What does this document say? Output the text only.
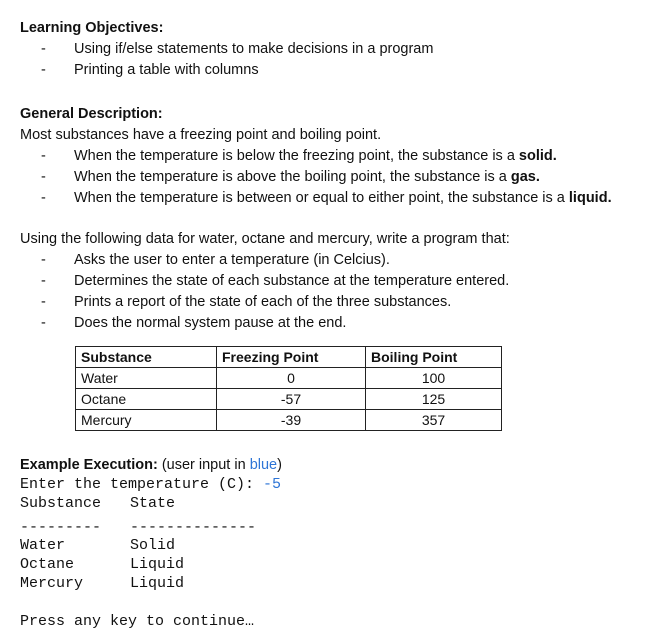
Learning Objectives:
- Using if/else statements to make decisions in a program
- Printing a table with columns
General Description:
Most substances have a freezing point and boiling point.
- When the temperature is below the freezing point, the substance is a solid.
- When the temperature is above the boiling point, the substance is a gas.
- When the temperature is between or equal to either point, the substance is a liquid.
Using the following data for water, octane and mercury, write a program that:
- Asks the user to enter a temperature (in Celcius).
- Determines the state of each substance at the temperature entered.
- Prints a report of the state of each of the three substances.
- Does the normal system pause at the end.
Substance	Freezing Point	Boiling Point
Water	0	100
Octane	-57	125
Mercury	-39	357
Example Execution: (user input in blue)
Enter the temperature (C): -5
Substance State
--------- --------------
Water	Solid
Octane	Liquid
Mercury	Liquid
Press any key to continue…
